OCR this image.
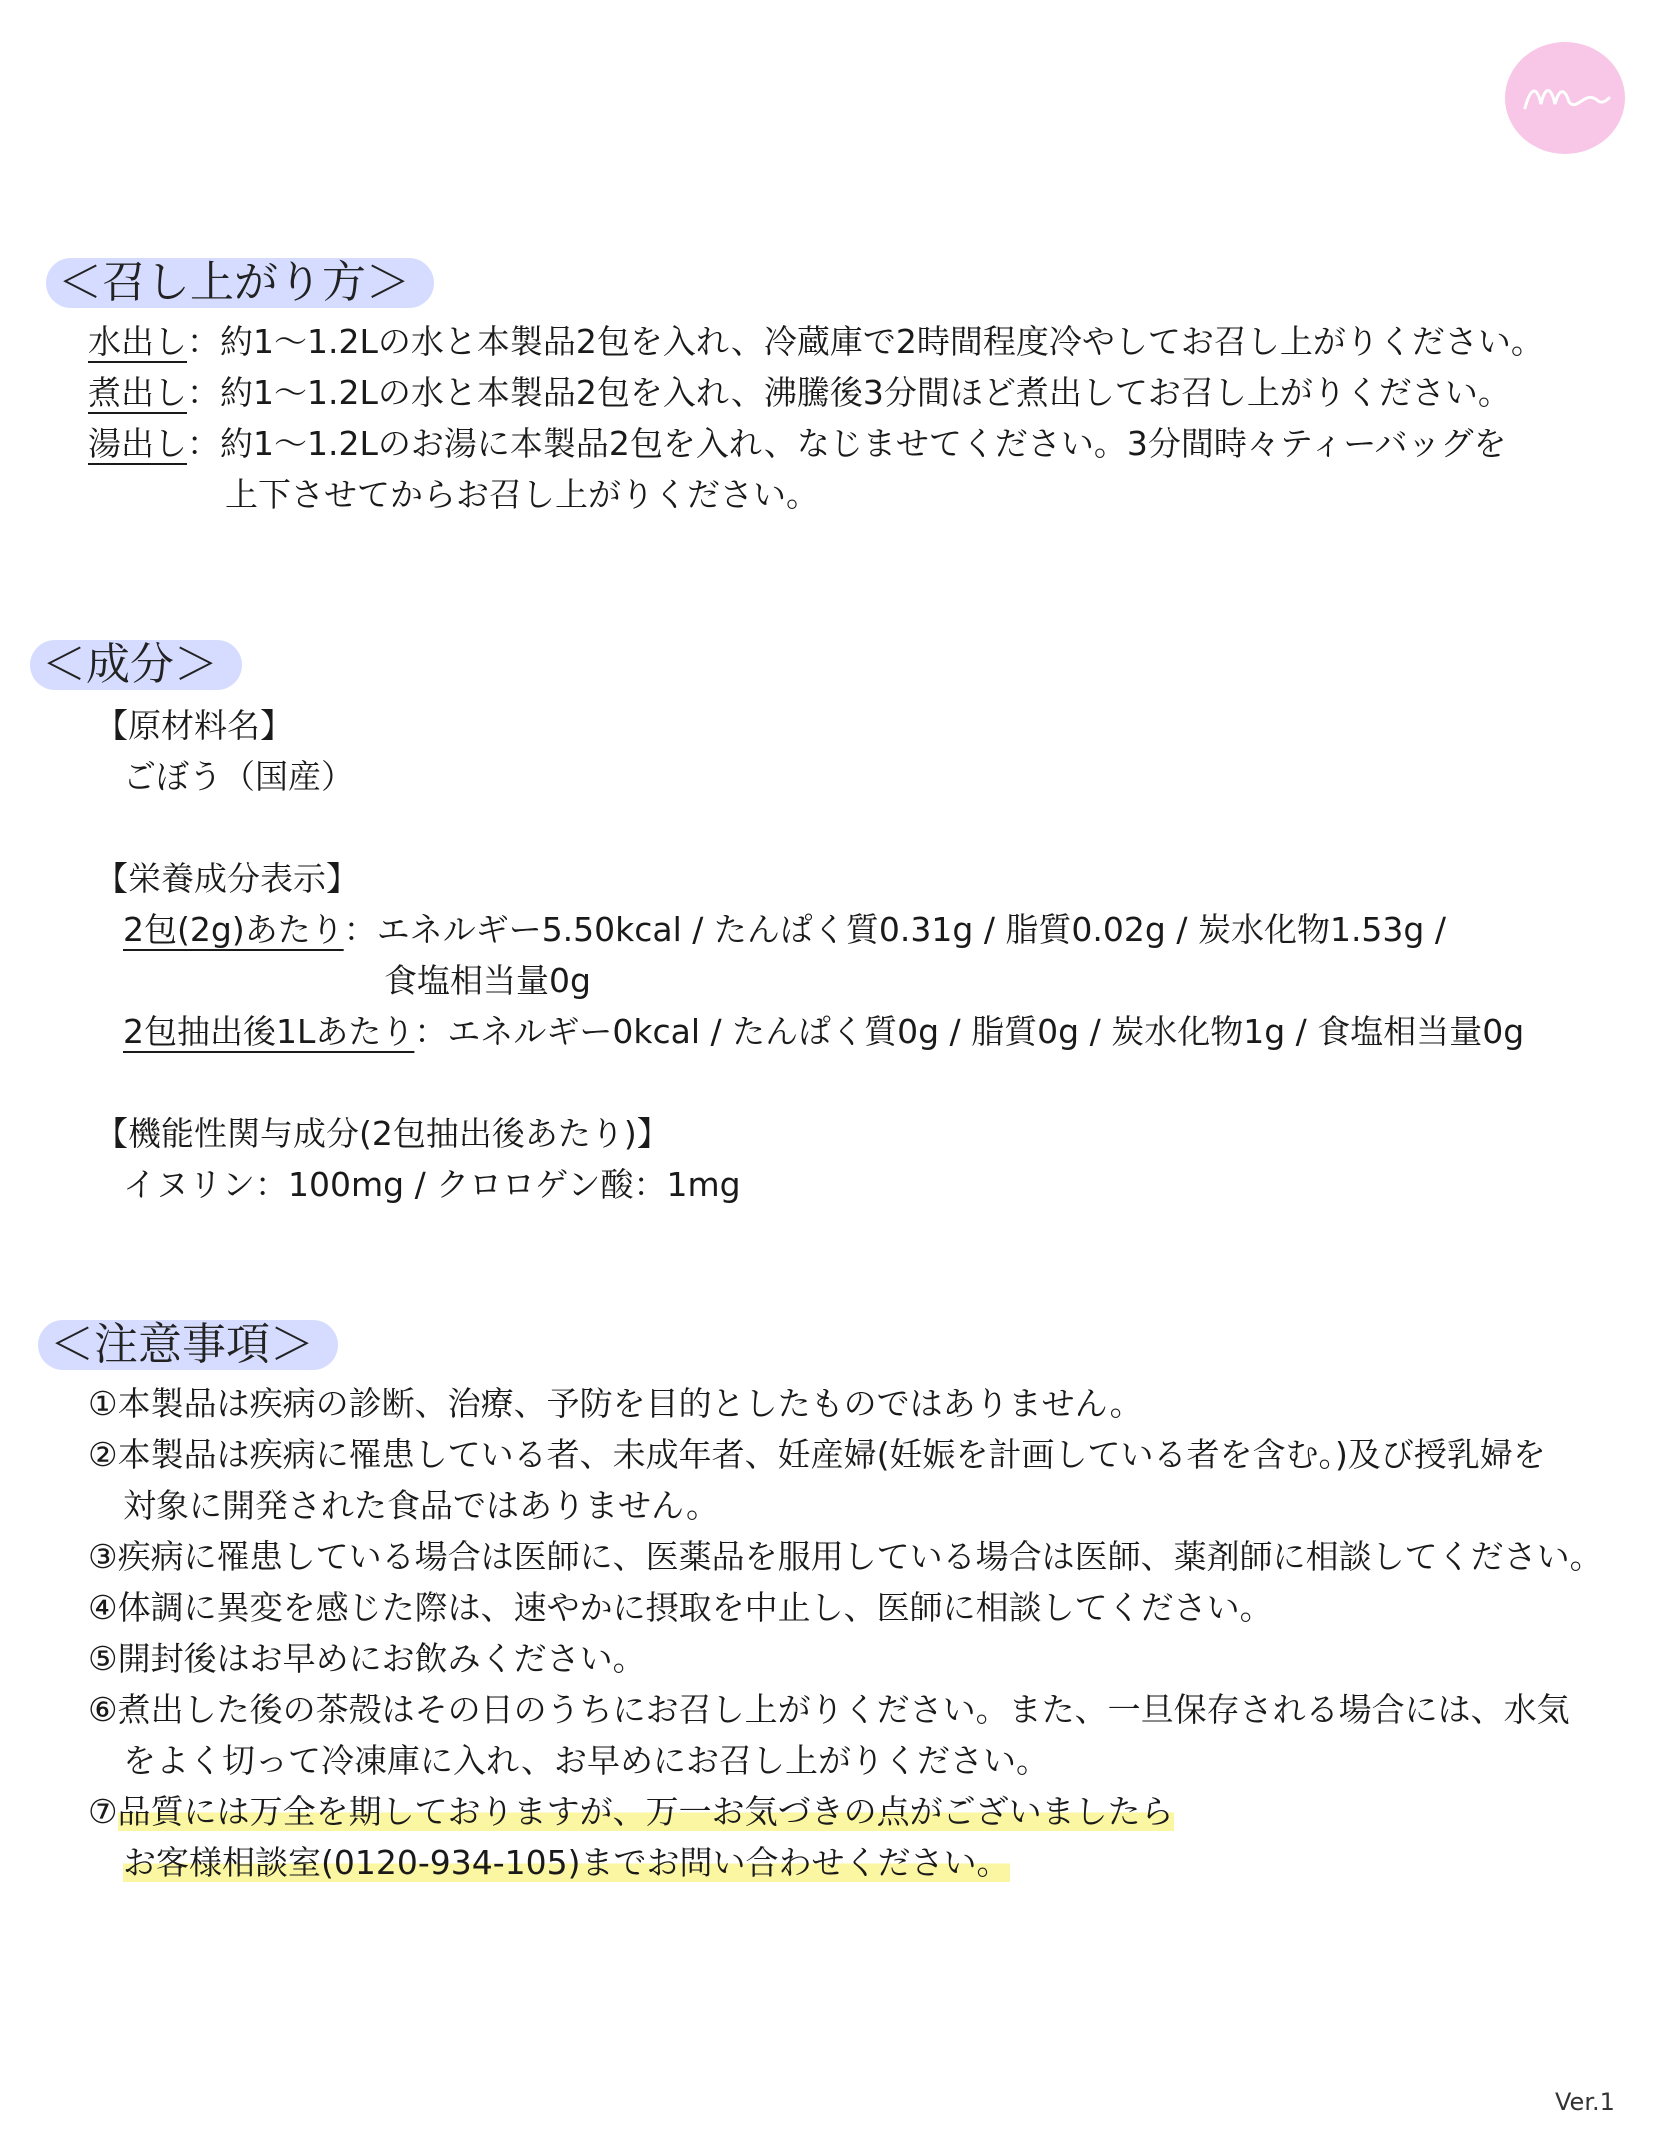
＜召し上がり方＞
水出し：約1〜1.2Lの水と本製品2包を入れ、冷蔵庫で2時間程度冷やしてお召し上がりください。
煮出し：約1〜1.2Lの水と本製品2包を入れ、沸騰後3分間ほど煮出してお召し上がりください。
湯出し：約1〜1.2Lのお湯に本製品2包を入れ、なじませてください。3分間時々ティーバッグを
上下させてからお召し上がりください。
＜成分＞
【原材料名】
ごぼう（国産）
【栄養成分表示】
2包(2g)あたり：エネルギー5.50kcal / たんぱく質0.31g / 脂質0.02g / 炭水化物1.53g /
食塩相当量0g
2包抽出後1Lあたり：エネルギー0kcal / たんぱく質0g / 脂質0g / 炭水化物1g / 食塩相当量0g
【機能性関与成分(2包抽出後あたり)】
イヌリン：100mg / クロロゲン酸：1mg
＜注意事項＞
①本製品は疾病の診断、治療、予防を目的としたものではありません。
②本製品は疾病に罹患している者、未成年者、妊産婦(妊娠を計画している者を含む。)及び授乳婦を
対象に開発された食品ではありません。
③疾病に罹患している場合は医師に、医薬品を服用している場合は医師、薬剤師に相談してください。
④体調に異変を感じた際は、速やかに摂取を中止し、医師に相談してください。
⑤開封後はお早めにお飲みください。
⑥煮出した後の茶殻はその日のうちにお召し上がりください。また、一旦保存される場合には、水気
をよく切って冷凍庫に入れ、お早めにお召し上がりください。
⑦品質には万全を期しておりますが、万一お気づきの点がございましたら
お客様相談室(0120-934-105)までお問い合わせください。
Ver.1
